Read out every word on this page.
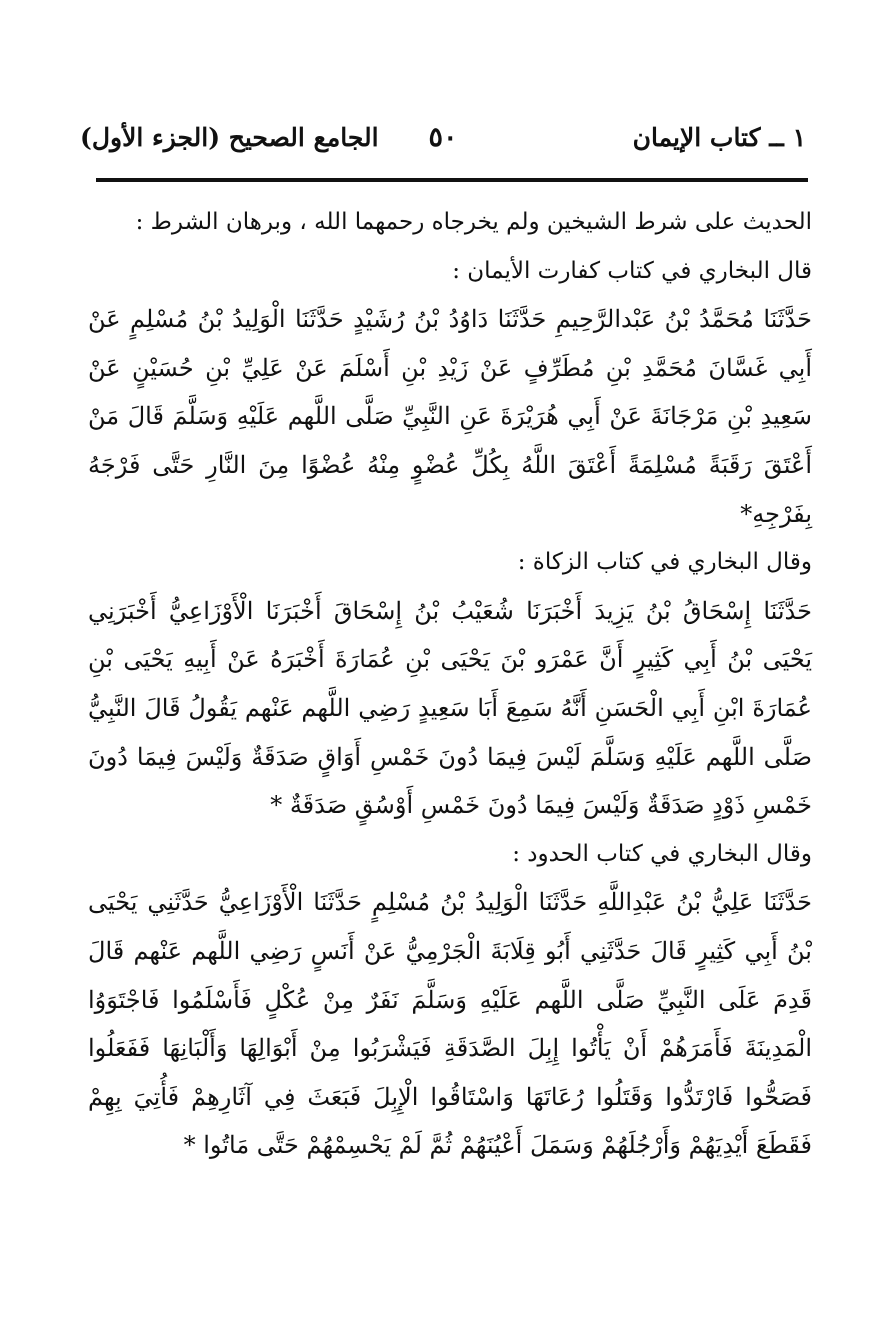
١ ــ كتاب الإيمان
٥٠
الجامع الصحيح (الجزء الأول)

الحديث على شرط الشيخين ولم يخرجاه رحمهما الله ، وبرهان الشرط :

قال البخاري في كتاب كفارت الأيمان :

حَدَّثَنَا مُحَمَّدُ بْنُ عَبْدالرَّحِيمِ حَدَّثَنَا دَاوُدُ بْنُ رُشَيْدٍ حَدَّثَنَا الْوَلِيدُ بْنُ مُسْلِمٍ عَنْ أَبِي غَسَّانَ مُحَمَّدِ بْنِ مُطَرِّفٍ عَنْ زَيْدِ بْنِ أَسْلَمَ عَنْ عَلِيِّ بْنِ حُسَيْنٍ عَنْ سَعِيدِ بْنِ مَرْجَانَةَ عَنْ أَبِي هُرَيْرَةَ عَنِ النَّبِيِّ صَلَّى اللَّهم عَلَيْهِ وَسَلَّمَ قَالَ مَنْ أَعْتَقَ رَقَبَةً مُسْلِمَةً أَعْتَقَ اللَّهُ بِكُلِّ عُضْوٍ مِنْهُ عُضْوًا مِنَ النَّارِ حَتَّى فَرْجَهُ بِفَرْجِهِ*

وقال البخاري في كتاب الزكاة :

حَدَّثَنَا إِسْحَاقُ بْنُ يَزِيدَ أَخْبَرَنَا شُعَيْبُ بْنُ إِسْحَاقَ أَخْبَرَنَا الْأَوْزَاعِيُّ أَخْبَرَنِي يَحْيَى بْنُ أَبِي كَثِيرٍ أَنَّ عَمْرَو بْنَ يَحْيَى بْنِ عُمَارَةَ أَخْبَرَهُ عَنْ أَبِيهِ يَحْيَى بْنِ عُمَارَةَ ابْنِ أَبِي الْحَسَنِ أَنَّهُ سَمِعَ أَبَا سَعِيدٍ رَضِي اللَّهم عَنْهم يَقُولُ قَالَ النَّبِيُّ صَلَّى اللَّهم عَلَيْهِ وَسَلَّمَ لَيْسَ فِيمَا دُونَ خَمْسِ أَوَاقٍ صَدَقَةٌ وَلَيْسَ فِيمَا دُونَ خَمْسِ ذَوْدٍ صَدَقَةٌ وَلَيْسَ فِيمَا دُونَ خَمْسِ أَوْسُقٍ صَدَقَةٌ *

وقال البخاري في كتاب الحدود :

حَدَّثَنَا عَلِيُّ بْنُ عَبْدِاللَّهِ حَدَّثَنَا الْوَلِيدُ بْنُ مُسْلِمٍ حَدَّثَنَا الْأَوْزَاعِيُّ حَدَّثَنِي يَحْيَى بْنُ أَبِي كَثِيرٍ قَالَ حَدَّثَنِي أَبُو قِلَابَةَ الْجَرْمِيُّ عَنْ أَنَسٍ رَضِي اللَّهم عَنْهم قَالَ قَدِمَ عَلَى النَّبِيِّ صَلَّى اللَّهم عَلَيْهِ وَسَلَّمَ نَفَرٌ مِنْ عُكْلٍ فَأَسْلَمُوا فَاجْتَوَوُا الْمَدِينَةَ فَأَمَرَهُمْ أَنْ يَأْتُوا إِبِلَ الصَّدَقَةِ فَيَشْرَبُوا مِنْ أَبْوَالِهَا وَأَلْبَانِهَا فَفَعَلُوا فَصَحُّوا فَارْتَدُّوا وَقَتَلُوا رُعَاتَهَا وَاسْتَاقُوا الْإِبِلَ فَبَعَثَ فِي آثَارِهِمْ فَأُتِيَ بِهِمْ فَقَطَعَ أَيْدِيَهُمْ وَأَرْجُلَهُمْ وَسَمَلَ أَعْيُنَهُمْ ثُمَّ لَمْ يَحْسِمْهُمْ حَتَّى مَاتُوا *
